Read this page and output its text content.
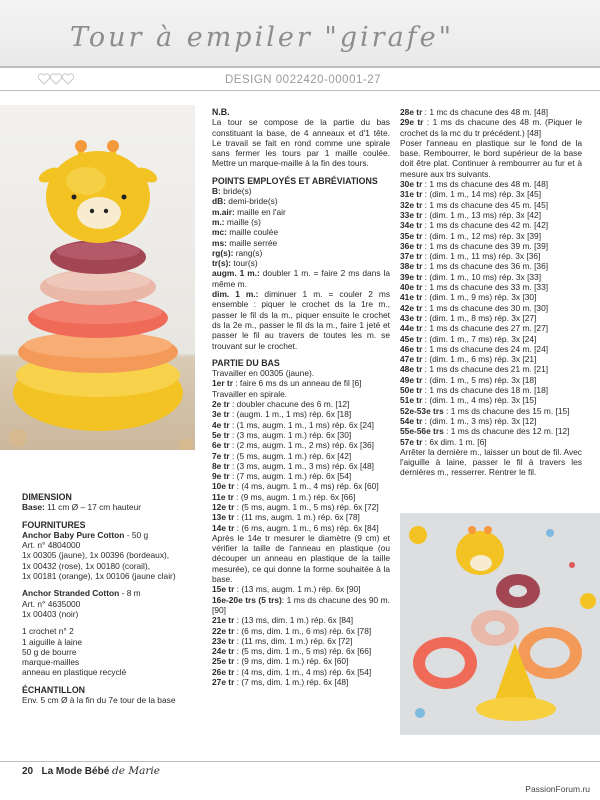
Tour à empiler "girafe"
DESIGN 0022420-00001-27
DIMENSION
Base: 11 cm Ø – 17 cm hauteur
FOURNITURES
Anchor Baby Pure Cotton - 50 g
Art. n° 4804000
1x 00305 (jaune), 1x 00396 (bordeaux),
1x 00432 (rose), 1x 00180 (corail),
1x 00181 (orange), 1x 00106 (jaune clair)
Anchor Stranded Cotton - 8 m
Art. n° 4635000
1x 00403 (noir)
1 crochet n° 2
1 aiguille à laine
50 g de bourre
marque-mailles
anneau en plastique recyclé
ÉCHANTILLON
Env. 5 cm Ø à la fin du 7e tour de la base
N.B.
La tour se compose de la partie du bas constituant la base, de 4 anneaux et d'1 tête. Le travail se fait en rond comme une spirale sans fermer les tours par 1 maille coulée. Mettre un marque-maille à la fin des tours.
POINTS EMPLOYÉS ET ABRÉVIATIONS
B: bride(s)
dB: demi-bride(s)
m.air: maille en l'air
m.: maille (s)
mc: maille coulée
ms: maille serrée
rg(s): rang(s)
tr(s): tour(s)
augm. 1 m.: doubler 1 m. = faire 2 ms dans la même m.
dim. 1 m.: diminuer 1 m. = couler 2 ms ensemble : piquer le crochet ds la 1re m., passer le fil ds la m., piquer ensuite le crochet ds la 2e m., passer le fil ds la m., faire 1 jeté et passer le fil au travers de toutes les m. se trouvant sur le crochet.
PARTIE DU BAS
Travailler en 00305 (jaune).
1er tr : faire 6 ms ds un anneau de fil [6]
Travailler en spirale.
2e tr : doubler chacune des 6 m. [12]
3e tr : (augm. 1 m., 1 ms) rép. 6x [18]
4e tr : (1 ms, augm. 1 m., 1 ms) rép. 6x [24]
5e tr : (3 ms, augm. 1 m.) rép. 6x [30]
6e tr : (2 ms, augm. 1 m., 2 ms) rép. 6x [36]
7e tr : (5 ms, augm. 1 m.) rép. 6x [42]
8e tr : (3 ms, augm. 1 m., 3 ms) rép. 6x [48]
9e tr : (7 ms, augm. 1 m.) rép. 6x [54]
10e tr : (4 ms, augm. 1 m., 4 ms) rép. 6x [60]
11e tr : (9 ms, augm. 1 m.) rép. 6x [66]
12e tr : (5 ms, augm. 1 m., 5 ms) rép. 6x [72]
13e tr : (11 ms, augm. 1 m.) rép. 6x [78]
14e tr : (6 ms, augm. 1 m., 6 ms) rép. 6x [84]
Après le 14e tr mesurer le diamètre (9 cm) et vérifier la taille de l'anneau en plastique (ou découper un anneau en plastique de la taille mesurée), ce qui donne la forme souhaitée à la base.
15e tr : (13 ms, augm. 1 m.) rép. 6x [90]
16e-20e trs (5 trs): 1 ms ds chacune des 90 m. [90]
21e tr : (13 ms, dim. 1 m.) rép. 6x [84]
22e tr : (6 ms, dim. 1 m., 6 ms) rép. 6x [78]
23e tr : (11 ms, dim. 1 m.) rép. 6x [72]
24e tr : (5 ms, dim. 1 m., 5 ms) rép. 6x [66]
25e tr : (9 ms, dim. 1 m.) rép. 6x [60]
26e tr : (4 ms, dim. 1 m., 4 ms) rép. 6x [54]
27e tr : (7 ms, dim. 1 m.) rép. 6x [48]
28e tr : 1 mc ds chacune des 48 m. [48]
29e tr : 1 ms ds chacune des 48 m. (Piquer le crochet ds la mc du tr précédent.) [48]
Poser l'anneau en plastique sur le fond de la base. Rembourrer, le bord supérieur de la base doit être plat. Continuer à rembourrer au fur et à mesure aux trs suivants.
30e tr : 1 ms ds chacune des 48 m. [48]
31e tr : (dim. 1 m., 14 ms) rép. 3x [45]
32e tr : 1 ms ds chacune des 45 m. [45]
33e tr : (dim. 1 m., 13 ms) rép. 3x [42]
34e tr : 1 ms ds chacune des 42 m. [42]
35e tr : (dim. 1 m., 12 ms) rép. 3x [39]
36e tr : 1 ms ds chacune des 39 m. [39]
37e tr : (dim. 1 m., 11 ms) rép. 3x [36]
38e tr : 1 ms ds chacune des 36 m. [36]
39e tr : (dim. 1 m., 10 ms) rép. 3x [33]
40e tr : 1 ms ds chacune des 33 m. [33]
41e tr : (dim. 1 m., 9 ms) rép. 3x [30]
42e tr : 1 ms ds chacune des 30 m. [30]
43e tr : (dim. 1 m., 8 ms) rép. 3x [27]
44e tr : 1 ms ds chacune des 27 m. [27]
45e tr : (dim. 1 m., 7 ms) rép. 3x [24]
46e tr : 1 ms ds chacune des 24 m. [24]
47e tr : (dim. 1 m., 6 ms) rép. 3x [21]
48e tr : 1 ms ds chacune des 21 m. [21]
49e tr : (dim. 1 m., 5 ms) rép. 3x [18]
50e tr : 1 ms ds chacune des 18 m. [18]
51e tr : (dim. 1 m., 4 ms) rép. 3x [15]
52e-53e trs : 1 ms ds chacune des 15 m. [15]
54e tr : (dim. 1 m., 3 ms) rép. 3x [12]
55e-56e trs : 1 ms ds chacune des 12 m. [12]
57e tr : 6x dim. 1 m. [6]
Arrêter la dernière m., laisser un bout de fil. Avec l'aiguille à laine, passer le fil à travers les dernières m., resserrer. Rentrer le fil.
20 La Mode Bébé de Marie
PassionForum.ru
